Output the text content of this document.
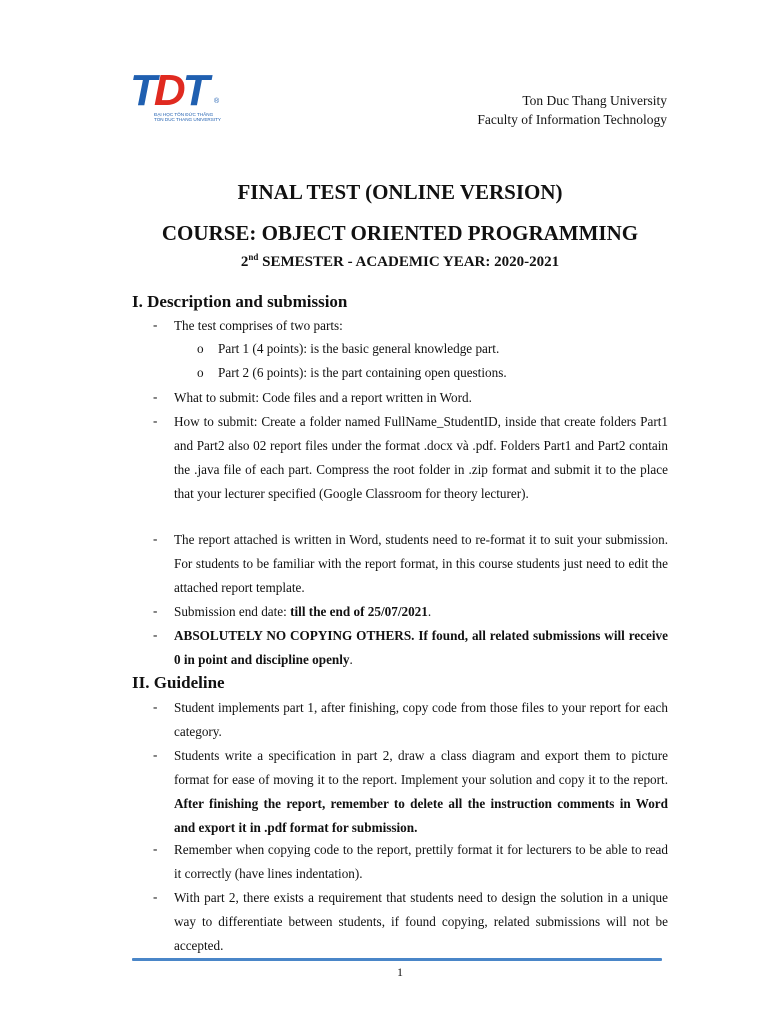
TDT ®
ĐẠI HỌC TÔN ĐỨC THẮNG
TON DUC THANG UNIVERSITY
Ton Duc Thang University
Faculty of Information Technology
FINAL TEST (ONLINE VERSION)
COURSE: OBJECT ORIENTED PROGRAMMING
2nd SEMESTER - ACADEMIC YEAR: 2020-2021
I. Description and submission
- The test comprises of two parts:
o Part 1 (4 points): is the basic general knowledge part.
o Part 2 (6 points): is the part containing open questions.
- What to submit: Code files and a report written in Word.
- How to submit: Create a folder named FullName_StudentID, inside that create folders Part1 and Part2 also 02 report files under the format .docx và .pdf. Folders Part1 and Part2 contain the .java file of each part. Compress the root folder in .zip format and submit it to the place that your lecturer specified (Google Classroom for theory lecturer).
- The report attached is written in Word, students need to re-format it to suit your submission. For students to be familiar with the report format, in this course students just need to edit the attached report template.
- Submission end date: till the end of 25/07/2021.
- ABSOLUTELY NO COPYING OTHERS. If found, all related submissions will receive 0 in point and discipline openly.
II. Guideline
- Student implements part 1, after finishing, copy code from those files to your report for each category.
- Students write a specification in part 2, draw a class diagram and export them to picture format for ease of moving it to the report. Implement your solution and copy it to the report. After finishing the report, remember to delete all the instruction comments in Word and export it in .pdf format for submission.
- Remember when copying code to the report, prettily format it for lecturers to be able to read it correctly (have lines indentation).
- With part 2, there exists a requirement that students need to design the solution in a unique way to differentiate between students, if found copying, related submissions will not be accepted.
1
